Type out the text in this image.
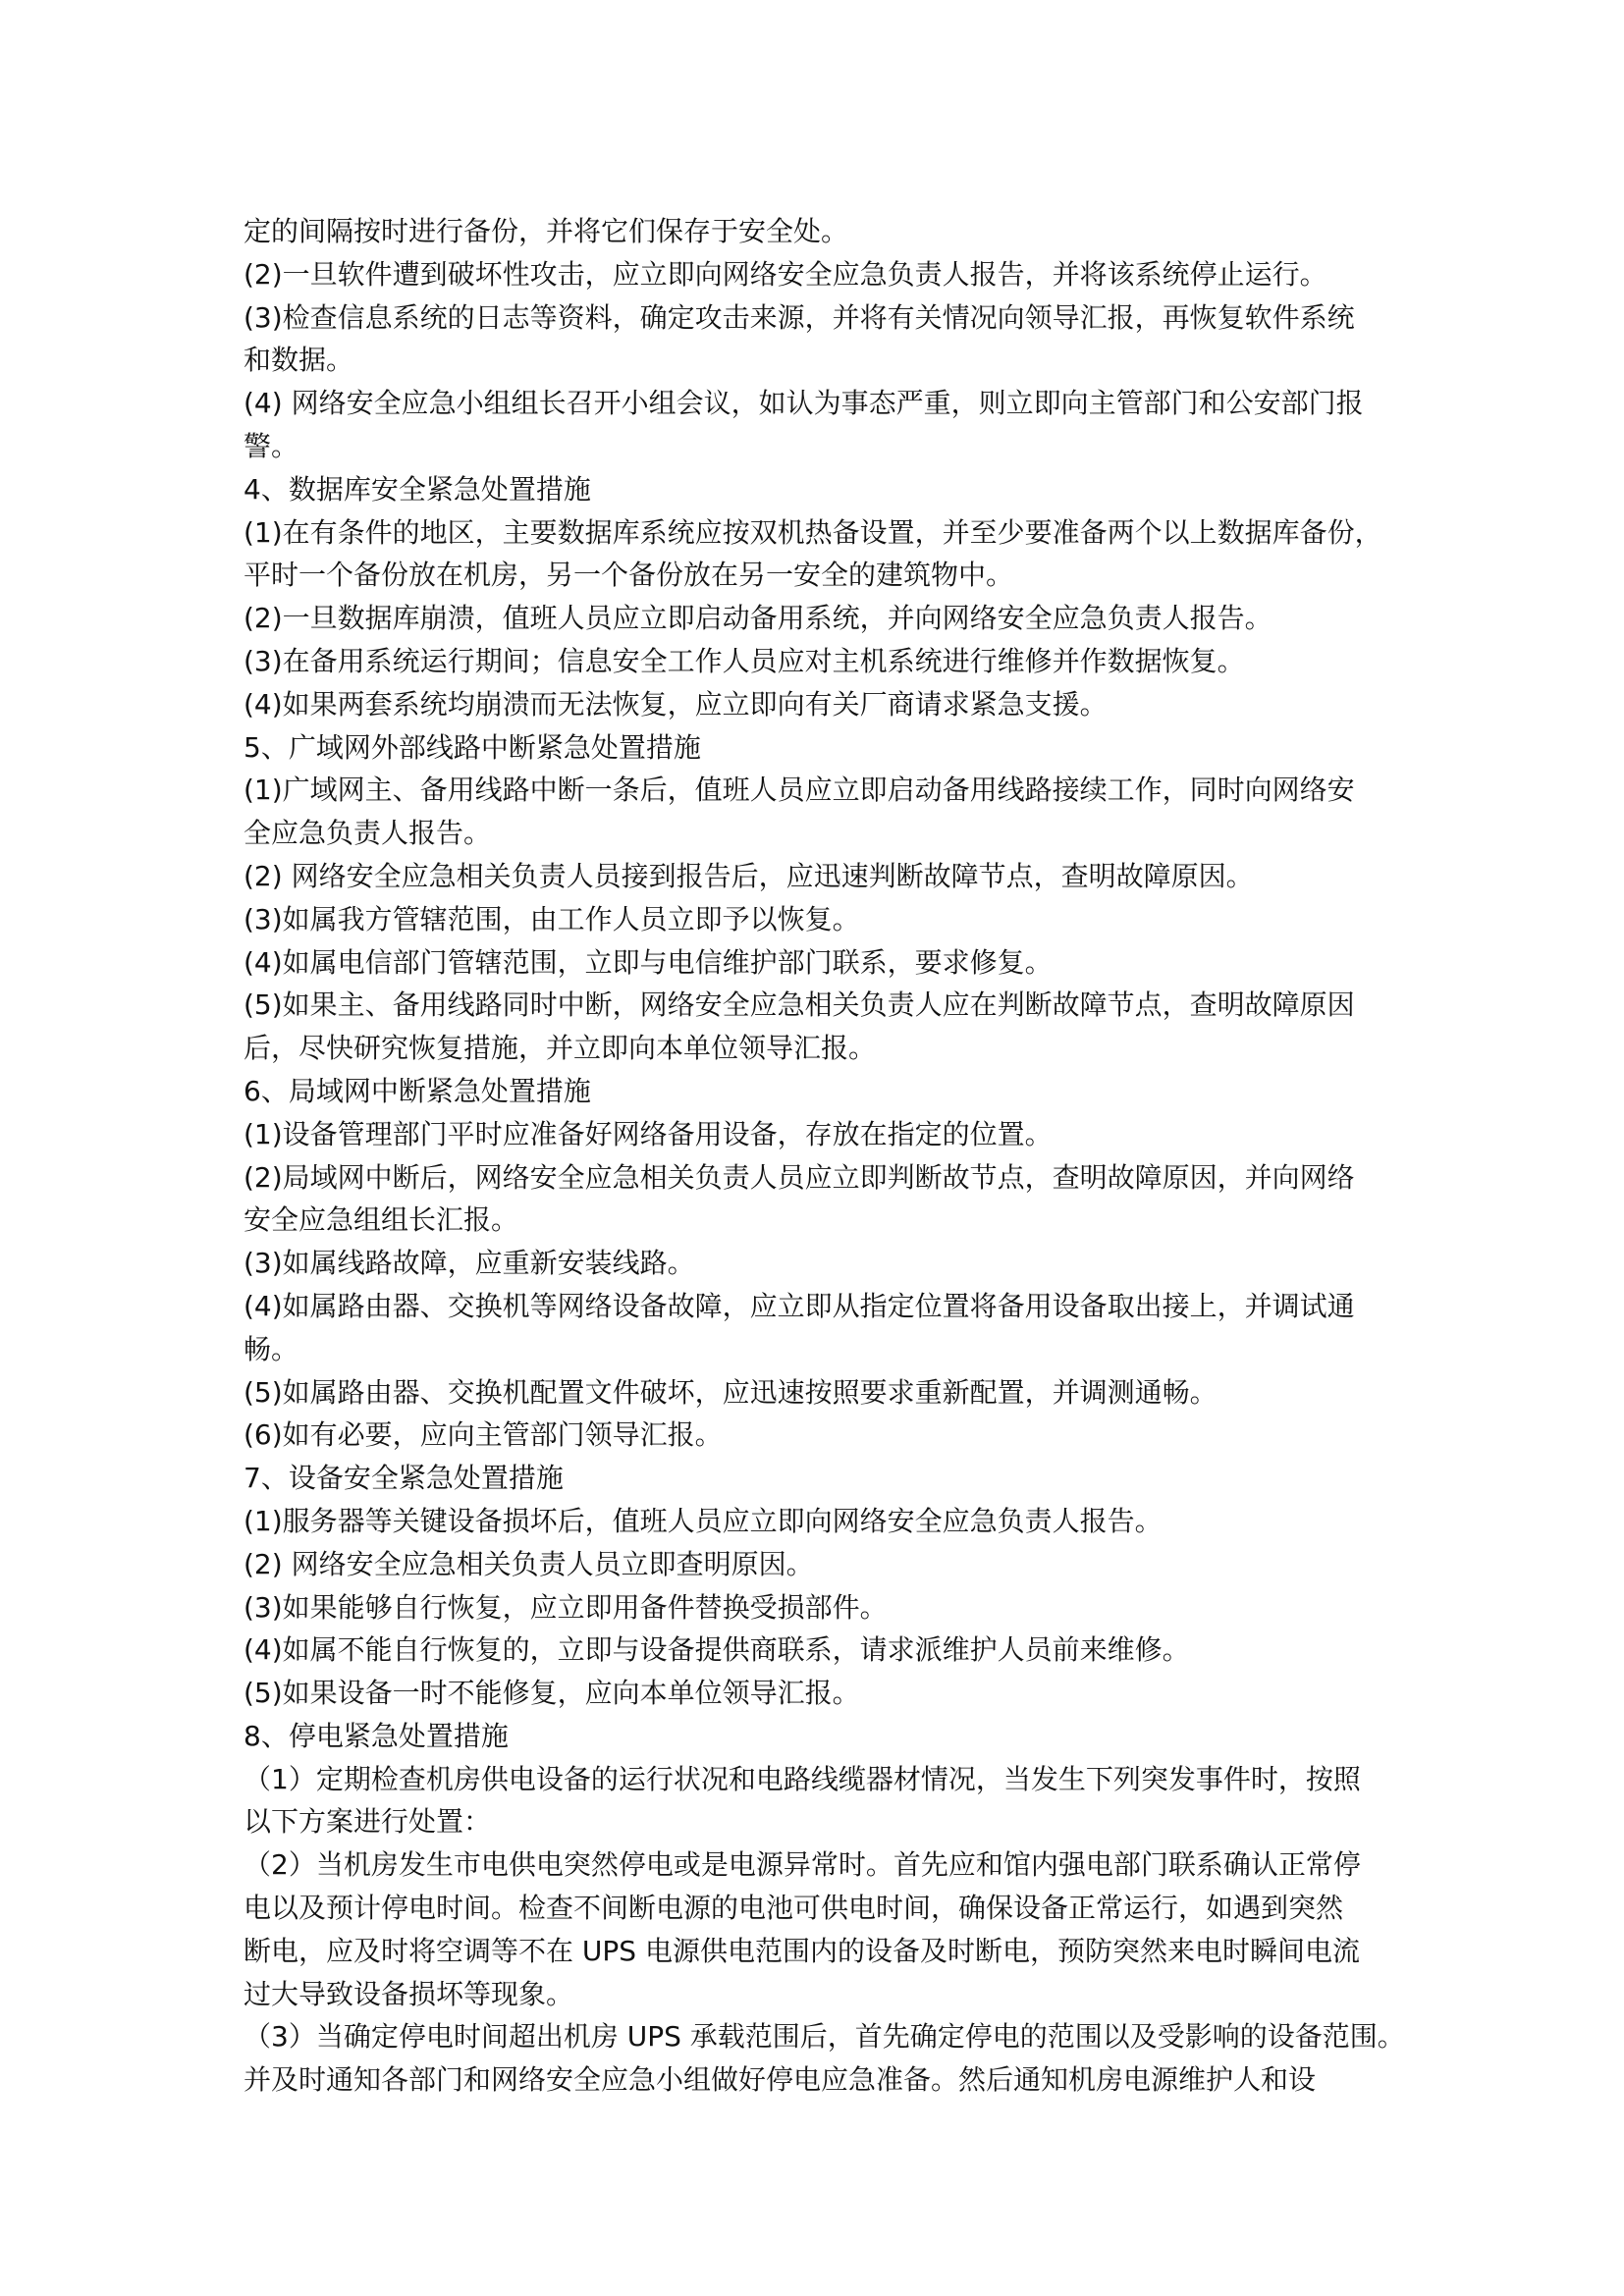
定的间隔按时进行备份，并将它们保存于安全处。
(2)一旦软件遭到破坏性攻击，应立即向网络安全应急负责人报告，并将该系统停止运行。
(3)检查信息系统的日志等资料，确定攻击来源，并将有关情况向领导汇报，再恢复软件系统
和数据。
(4) 网络安全应急小组组长召开小组会议，如认为事态严重，则立即向主管部门和公安部门报
警。
4、数据库安全紧急处置措施
(1)在有条件的地区，主要数据库系统应按双机热备设置，并至少要准备两个以上数据库备份，
平时一个备份放在机房，另一个备份放在另一安全的建筑物中。
(2)一旦数据库崩溃，值班人员应立即启动备用系统，并向网络安全应急负责人报告。
(3)在备用系统运行期间；信息安全工作人员应对主机系统进行维修并作数据恢复。
(4)如果两套系统均崩溃而无法恢复，应立即向有关厂商请求紧急支援。
5、广域网外部线路中断紧急处置措施
(1)广域网主、备用线路中断一条后，值班人员应立即启动备用线路接续工作，同时向网络安
全应急负责人报告。
(2) 网络安全应急相关负责人员接到报告后，应迅速判断故障节点，查明故障原因。
(3)如属我方管辖范围，由工作人员立即予以恢复。
(4)如属电信部门管辖范围，立即与电信维护部门联系，要求修复。
(5)如果主、备用线路同时中断，网络安全应急相关负责人应在判断故障节点，查明故障原因
后，尽快研究恢复措施，并立即向本单位领导汇报。
6、局域网中断紧急处置措施
(1)设备管理部门平时应准备好网络备用设备，存放在指定的位置。
(2)局域网中断后，网络安全应急相关负责人员应立即判断故节点，查明故障原因，并向网络
安全应急组组长汇报。
(3)如属线路故障，应重新安装线路。
(4)如属路由器、交换机等网络设备故障，应立即从指定位置将备用设备取出接上，并调试通
畅。
(5)如属路由器、交换机配置文件破坏，应迅速按照要求重新配置，并调测通畅。
(6)如有必要，应向主管部门领导汇报。
7、设备安全紧急处置措施
(1)服务器等关键设备损坏后，值班人员应立即向网络安全应急负责人报告。
(2) 网络安全应急相关负责人员立即查明原因。
(3)如果能够自行恢复，应立即用备件替换受损部件。
(4)如属不能自行恢复的，立即与设备提供商联系，请求派维护人员前来维修。
(5)如果设备一时不能修复，应向本单位领导汇报。
8、停电紧急处置措施
（1）定期检查机房供电设备的运行状况和电路线缆器材情况，当发生下列突发事件时，按照
以下方案进行处置：
（2）当机房发生市电供电突然停电或是电源异常时。首先应和馆内强电部门联系确认正常停
电以及预计停电时间。检查不间断电源的电池可供电时间，确保设备正常运行，如遇到突然
断电，应及时将空调等不在 UPS 电源供电范围内的设备及时断电，预防突然来电时瞬间电流
过大导致设备损坏等现象。
（3）当确定停电时间超出机房 UPS 承载范围后，首先确定停电的范围以及受影响的设备范围。
并及时通知各部门和网络安全应急小组做好停电应急准备。然后通知机房电源维护人和设
